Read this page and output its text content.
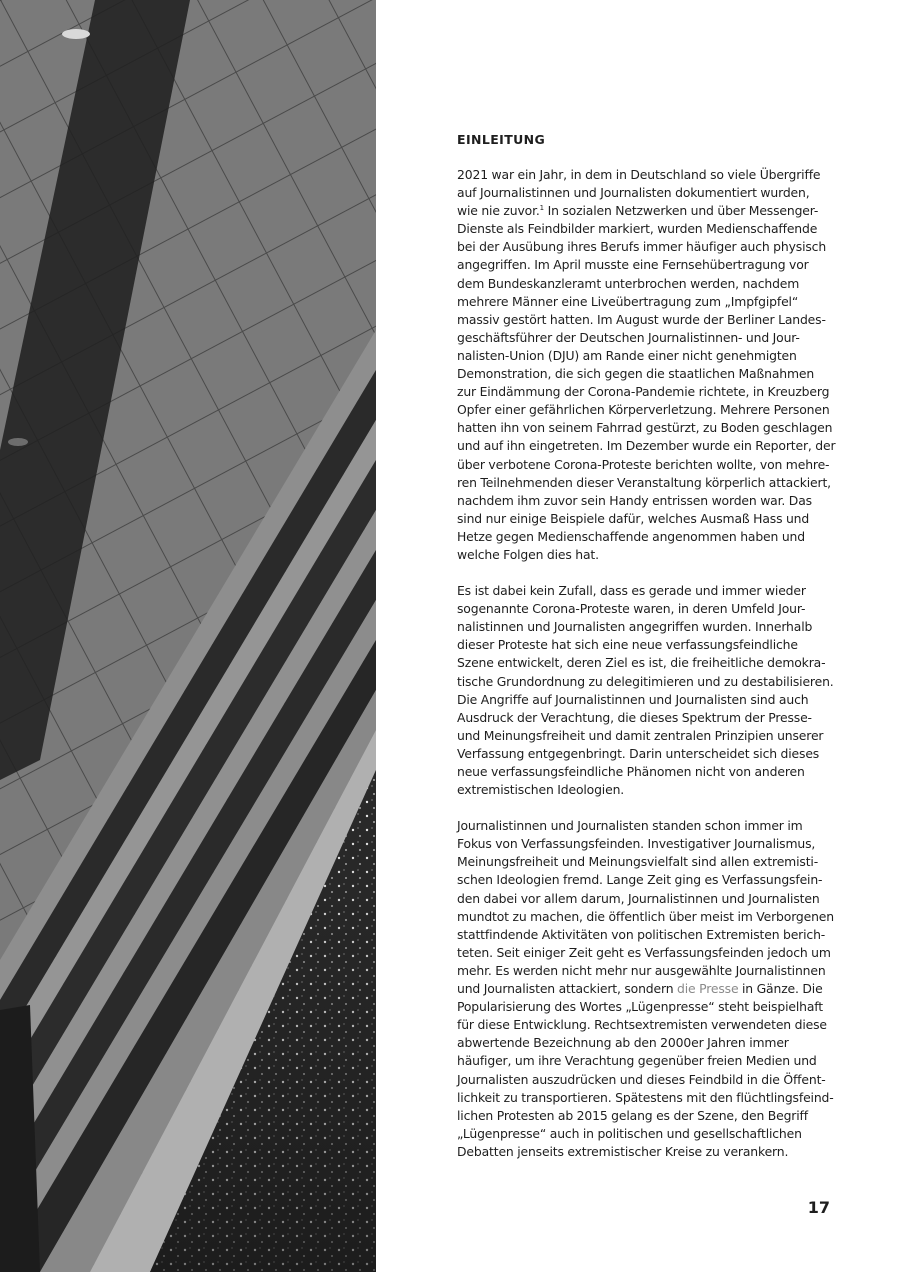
EINLEITUNG
2021 war ein Jahr, in dem in Deutschland so viele Übergriffe
auf Journalistinnen und Journalisten dokumentiert wurden,
wie nie zuvor.$^1$ In sozialen Netzwerken und über Messenger-
Dienste als Feindbilder markiert, wurden Medienschaffende
bei der Ausübung ihres Berufs immer häufiger auch physisch
angegriffen. Im April musste eine Fernsehübertragung vor
dem Bundeskanzleramt unterbrochen werden, nachdem
mehrere Männer eine Liveübertragung zum „Impfgipfel“
massiv gestört hatten. Im August wurde der Berliner Landes-
geschäftsführer der Deutschen Journalistinnen- und Jour-
nalisten-Union (DJU) am Rande einer nicht genehmigten
Demonstration, die sich gegen die staatlichen Maßnahmen
zur Eindämmung der Corona-Pandemie richtete, in Kreuzberg
Opfer einer gefährlichen Körperverletzung. Mehrere Personen
hatten ihn von seinem Fahrrad gestürzt, zu Boden geschlagen
und auf ihn eingetreten. Im Dezember wurde ein Reporter, der
über verbotene Corona-Proteste berichten wollte, von mehre-
ren Teilnehmenden dieser Veranstaltung körperlich attackiert,
nachdem ihm zuvor sein Handy entrissen worden war. Das
sind nur einige Beispiele dafür, welches Ausmaß Hass und
Hetze gegen Medienschaffende angenommen haben und
welche Folgen dies hat.
Es ist dabei kein Zufall, dass es gerade und immer wieder
sogenannte Corona-Proteste waren, in deren Umfeld Jour-
nalistinnen und Journalisten angegriffen wurden. Innerhalb
dieser Proteste hat sich eine neue verfassungsfeindliche
Szene entwickelt, deren Ziel es ist, die freiheitliche demokra-
tische Grundordnung zu delegitimieren und zu destabilisieren.
Die Angriffe auf Journalistinnen und Journalisten sind auch
Ausdruck der Verachtung, die dieses Spektrum der Presse-
und Meinungsfreiheit und damit zentralen Prinzipien unserer
Verfassung entgegenbringt. Darin unterscheidet sich dieses
neue verfassungsfeindliche Phänomen nicht von anderen
extremistischen Ideologien.
Journalistinnen und Journalisten standen schon immer im
Fokus von Verfassungsfeinden. Investigativer Journalismus,
Meinungsfreiheit und Meinungsvielfalt sind allen extremisti-
schen Ideologien fremd. Lange Zeit ging es Verfassungsfein-
den dabei vor allem darum, Journalistinnen und Journalisten
mundtot zu machen, die öffentlich über meist im Verborgenen
stattfindende Aktivitäten von politischen Extremisten berich-
teten. Seit einiger Zeit geht es Verfassungsfeinden jedoch um
mehr. Es werden nicht mehr nur ausgewählte Journalistinnen
und Journalisten attackiert, sondern die Presse in Gänze. Die
Popularisierung des Wortes „Lügenpresse“ steht beispielhaft
für diese Entwicklung. Rechtsextremisten verwendeten diese
abwertende Bezeichnung ab den 2000er Jahren immer
häufiger, um ihre Verachtung gegenüber freien Medien und
Journalisten auszudrücken und dieses Feindbild in die Öffent-
lichkeit zu transportieren. Spätestens mit den flüchtlingsfeind-
lichen Protesten ab 2015 gelang es der Szene, den Begriff
„Lügenpresse“ auch in politischen und gesellschaftlichen
Debatten jenseits extremistischer Kreise zu verankern.
17
